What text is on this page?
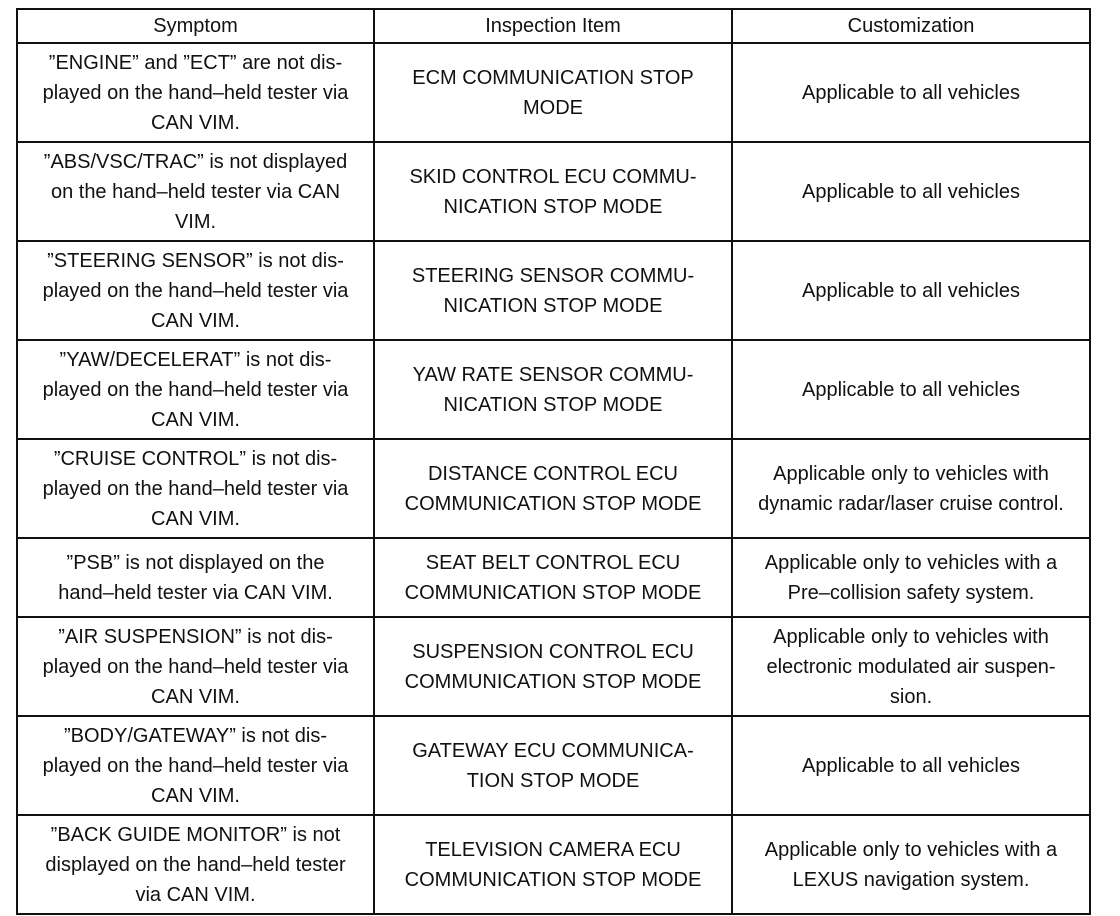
Symptom	Inspection Item	Customization

”ENGINE” and ”ECT” are not dis-
played on the hand–held tester via
CAN VIM.	ECM COMMUNICATION STOP
MODE	Applicable to all vehicles

”ABS/VSC/TRAC” is not displayed
on the hand–held tester via CAN
VIM.	SKID CONTROL ECU COMMU-
NICATION STOP MODE	Applicable to all vehicles

”STEERING SENSOR” is not dis-
played on the hand–held tester via
CAN VIM.	STEERING SENSOR COMMU-
NICATION STOP MODE	Applicable to all vehicles

”YAW/DECELERAT” is not dis-
played on the hand–held tester via
CAN VIM.	YAW RATE SENSOR COMMU-
NICATION STOP MODE	Applicable to all vehicles

”CRUISE CONTROL” is not dis-
played on the hand–held tester via
CAN VIM.	DISTANCE CONTROL ECU
COMMUNICATION STOP MODE	Applicable only to vehicles with
dynamic radar/laser cruise control.

”PSB” is not displayed on the
hand–held tester via CAN VIM.	SEAT BELT CONTROL ECU
COMMUNICATION STOP MODE	Applicable only to vehicles with a
Pre–collision safety system.

”AIR SUSPENSION” is not dis-
played on the hand–held tester via
CAN VIM.	SUSPENSION CONTROL ECU
COMMUNICATION STOP MODE	Applicable only to vehicles with
electronic modulated air suspen-
sion.

”BODY/GATEWAY” is not dis-
played on the hand–held tester via
CAN VIM.	GATEWAY ECU COMMUNICA-
TION STOP MODE	Applicable to all vehicles

”BACK GUIDE MONITOR” is not
displayed on the hand–held tester
via CAN VIM.	TELEVISION CAMERA ECU
COMMUNICATION STOP MODE	Applicable only to vehicles with a
LEXUS navigation system.
